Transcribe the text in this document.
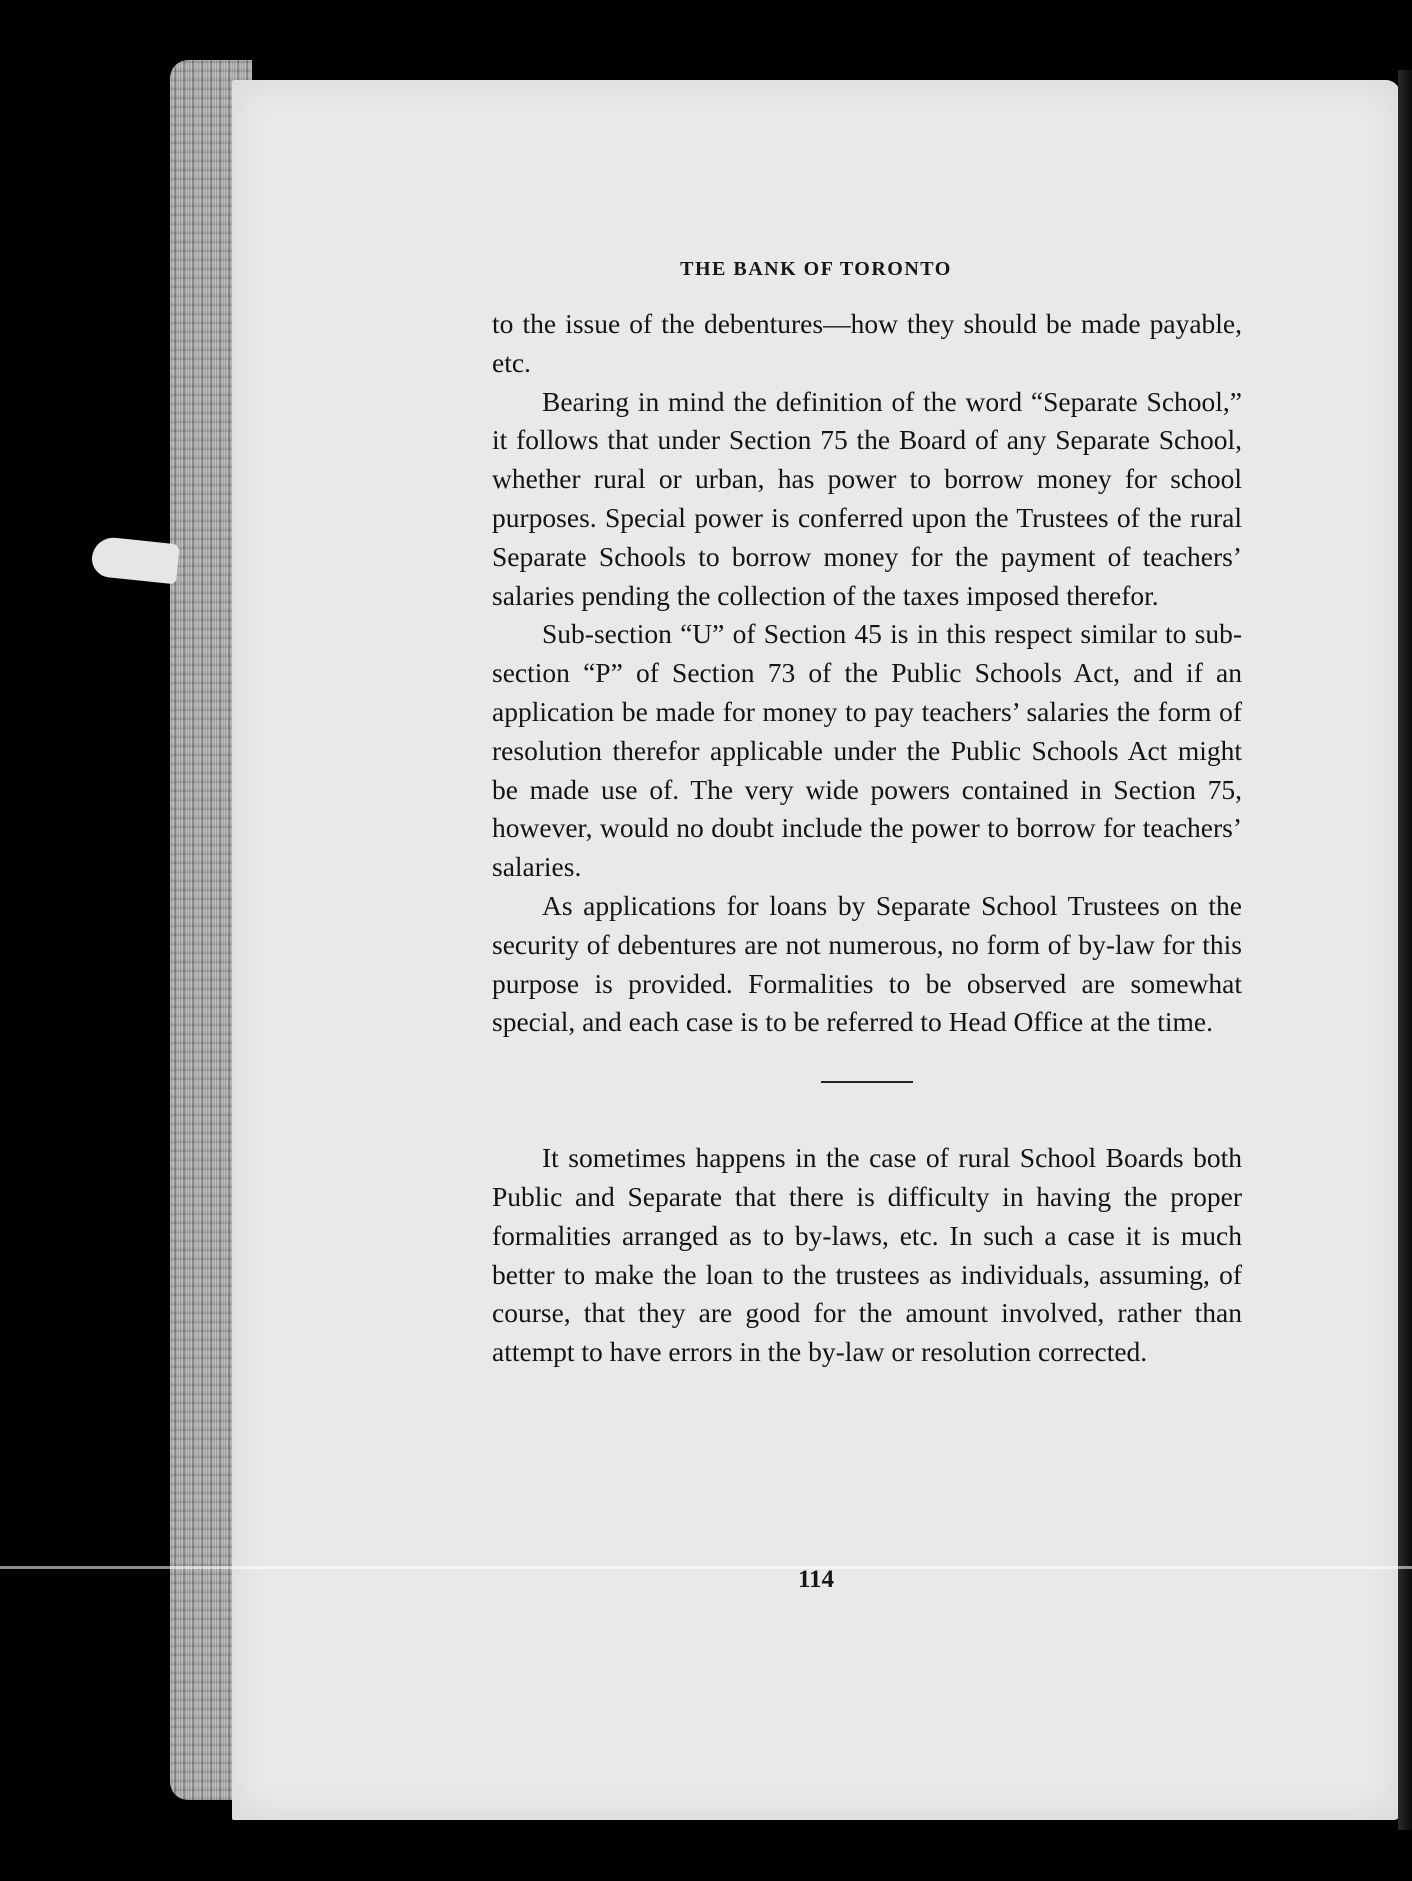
THE BANK OF TORONTO

to the issue of the debentures—how they should be made payable, etc.

Bearing in mind the definition of the word “Separate School,” it follows that under Section 75 the Board of any Separate School, whether rural or urban, has power to borrow money for school purposes. Special power is conferred upon the Trustees of the rural Separate Schools to borrow money for the payment of teachers’ salaries pending the collection of the taxes imposed therefor.

Sub-section “U” of Section 45 is in this respect similar to sub-section “P” of Section 73 of the Public Schools Act, and if an application be made for money to pay teachers’ salaries the form of resolution therefor applicable under the Public Schools Act might be made use of. The very wide powers contained in Section 75, however, would no doubt include the power to borrow for teachers’ salaries.

As applications for loans by Separate School Trustees on the security of debentures are not numerous, no form of by-law for this purpose is provided. Formalities to be observed are somewhat special, and each case is to be referred to Head Office at the time.

It sometimes happens in the case of rural School Boards both Public and Separate that there is difficulty in having the proper formalities arranged as to by-laws, etc. In such a case it is much better to make the loan to the trustees as individuals, assuming, of course, that they are good for the amount involved, rather than attempt to have errors in the by-law or resolution corrected.

114
